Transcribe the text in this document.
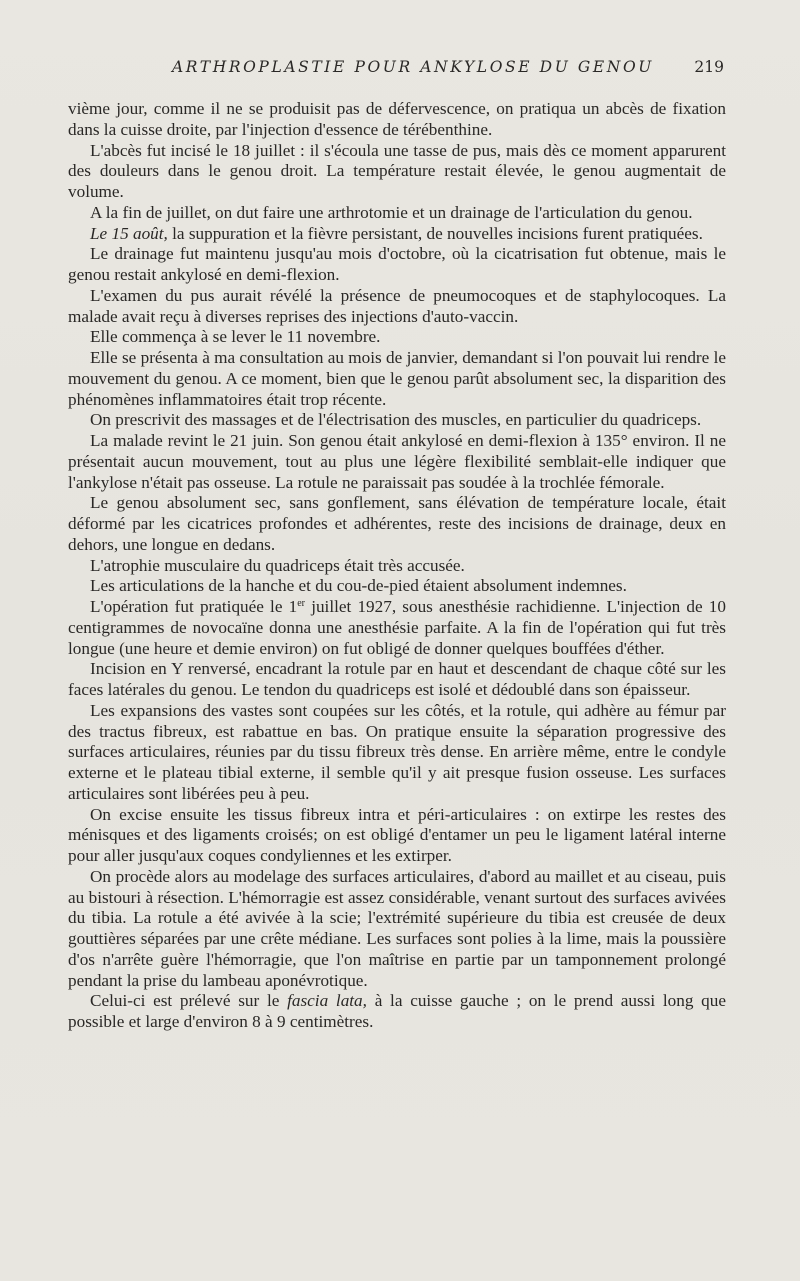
ARTHROPLASTIE POUR ANKYLOSE DU GENOU	219

vième jour, comme il ne se produisit pas de défervescence, on pratiqua un abcès de fixation dans la cuisse droite, par l'injection d'essence de térébenthine.

L'abcès fut incisé le 18 juillet : il s'écoula une tasse de pus, mais dès ce moment apparurent des douleurs dans le genou droit. La température restait élevée, le genou augmentait de volume.

A la fin de juillet, on dut faire une arthrotomie et un drainage de l'articulation du genou.

Le 15 août, la suppuration et la fièvre persistant, de nouvelles incisions furent pratiquées.

Le drainage fut maintenu jusqu'au mois d'octobre, où la cicatrisation fut obtenue, mais le genou restait ankylosé en demi-flexion.

L'examen du pus aurait révélé la présence de pneumocoques et de staphylocoques. La malade avait reçu à diverses reprises des injections d'auto-vaccin.

Elle commença à se lever le 11 novembre.

Elle se présenta à ma consultation au mois de janvier, demandant si l'on pouvait lui rendre le mouvement du genou. A ce moment, bien que le genou parût absolument sec, la disparition des phénomènes inflammatoires était trop récente.

On prescrivit des massages et de l'électrisation des muscles, en particulier du quadriceps.

La malade revint le 21 juin. Son genou était ankylosé en demi-flexion à 135° environ. Il ne présentait aucun mouvement, tout au plus une légère flexibilité semblait-elle indiquer que l'ankylose n'était pas osseuse. La rotule ne paraissait pas soudée à la trochlée fémorale.

Le genou absolument sec, sans gonflement, sans élévation de température locale, était déformé par les cicatrices profondes et adhérentes, reste des incisions de drainage, deux en dehors, une longue en dedans.

L'atrophie musculaire du quadriceps était très accusée.

Les articulations de la hanche et du cou-de-pied étaient absolument indemnes.

L'opération fut pratiquée le 1er juillet 1927, sous anesthésie rachidienne. L'injection de 10 centigrammes de novocaïne donna une anesthésie parfaite. A la fin de l'opération qui fut très longue (une heure et demie environ) on fut obligé de donner quelques bouffées d'éther.

Incision en Y renversé, encadrant la rotule par en haut et descendant de chaque côté sur les faces latérales du genou. Le tendon du quadriceps est isolé et dédoublé dans son épaisseur.

Les expansions des vastes sont coupées sur les côtés, et la rotule, qui adhère au fémur par des tractus fibreux, est rabattue en bas. On pratique ensuite la séparation progressive des surfaces articulaires, réunies par du tissu fibreux très dense. En arrière même, entre le condyle externe et le plateau tibial externe, il semble qu'il y ait presque fusion osseuse. Les surfaces articulaires sont libérées peu à peu.

On excise ensuite les tissus fibreux intra et péri-articulaires : on extirpe les restes des ménisques et des ligaments croisés; on est obligé d'entamer un peu le ligament latéral interne pour aller jusqu'aux coques condyliennes et les extirper.

On procède alors au modelage des surfaces articulaires, d'abord au maillet et au ciseau, puis au bistouri à résection. L'hémorragie est assez considérable, venant surtout des surfaces avivées du tibia. La rotule a été avivée à la scie; l'extrémité supérieure du tibia est creusée de deux gouttières séparées par une crête médiane. Les surfaces sont polies à la lime, mais la poussière d'os n'arrête guère l'hémorragie, que l'on maîtrise en partie par un tamponnement prolongé pendant la prise du lambeau aponévrotique.

Celui-ci est prélevé sur le fascia lata, à la cuisse gauche ; on le prend aussi long que possible et large d'environ 8 à 9 centimètres.
